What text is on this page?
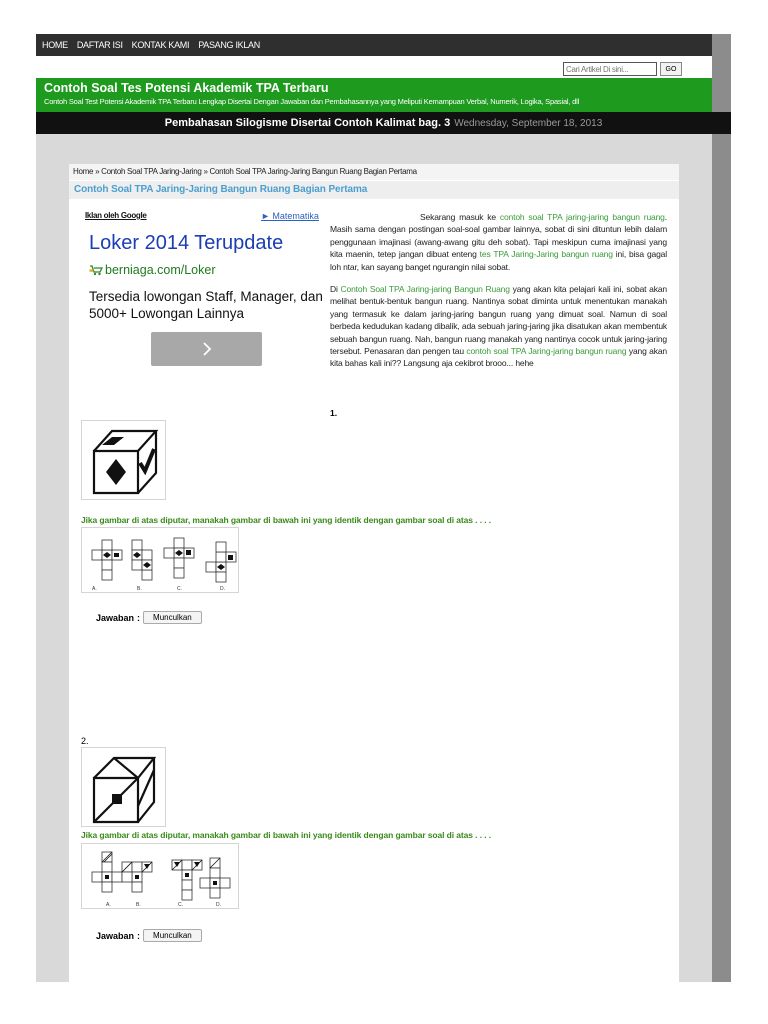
HOME DAFTAR ISI KONTAK KAMI PASANG IKLAN
Cari Artikel Di sini...
GO
Contoh Soal Tes Potensi Akademik TPA Terbaru
Contoh Soal Test Potensi Akademik TPA Terbaru Lengkap Disertai Dengan Jawaban dan Pembahasannya yang Meliputi Kemampuan Verbal, Numerik, Logika, Spasial, dll
Pembahasan Silogisme Disertai Contoh Kalimat bag. 3 Wednesday, September 18, 2013
Home » Contoh Soal TPA Jaring-Jaring » Contoh Soal TPA Jaring-Jaring Bangun Ruang Bagian Pertama
Contoh Soal TPA Jaring-Jaring Bangun Ruang Bagian Pertama
Iklan oleh Google	► Matematika
Loker 2014 Terupdate
berniaga.com/Loker
Tersedia lowongan Staff, Manager, dan 5000+ Lowongan Lainnya

Sekarang masuk ke contoh soal TPA jaring-jaring bangun ruang. Masih sama dengan postingan soal-soal gambar lainnya, sobat di sini dituntun lebih dalam penggunaan imajinasi (awang-awang gitu deh sobat). Tapi meskipun cuma imajinasi yang kita maenin, tetep jangan dibuat enteng tes TPA Jaring-Jaring bangun ruang ini, bisa gagal loh ntar, kan sayang banget ngurangin nilai sobat.

Di Contoh Soal TPA Jaring-jaring Bangun Ruang yang akan kita pelajari kali ini, sobat akan melihat bentuk-bentuk bangun ruang. Nantinya sobat diminta untuk menentukan manakah yang termasuk ke dalam jaring-jaring bangun ruang yang dimuat soal. Namun di soal berbeda kedudukan kadang dibalik, ada sebuah jaring-jaring jika disatukan akan membentuk sebuah bangun ruang. Nah, bangun ruang manakah yang nantinya cocok untuk jaring-jaring tersebut. Penasaran dan pengen tau contoh soal TPA Jaring-jaring bangun ruang yang akan kita bahas kali ini?? Langsung aja cekibrot brooo... hehe

1.
Jika gambar di atas diputar, manakah gambar di bawah ini yang identik dengan gambar soal di atas . . . .
A.	B.	C.	D.
Jawaban :	Munculkan
2.
Jika gambar di atas diputar, manakah gambar di bawah ini yang identik dengan gambar soal di atas . . . .
A.	B.	C.	D.
Jawaban :	Munculkan
